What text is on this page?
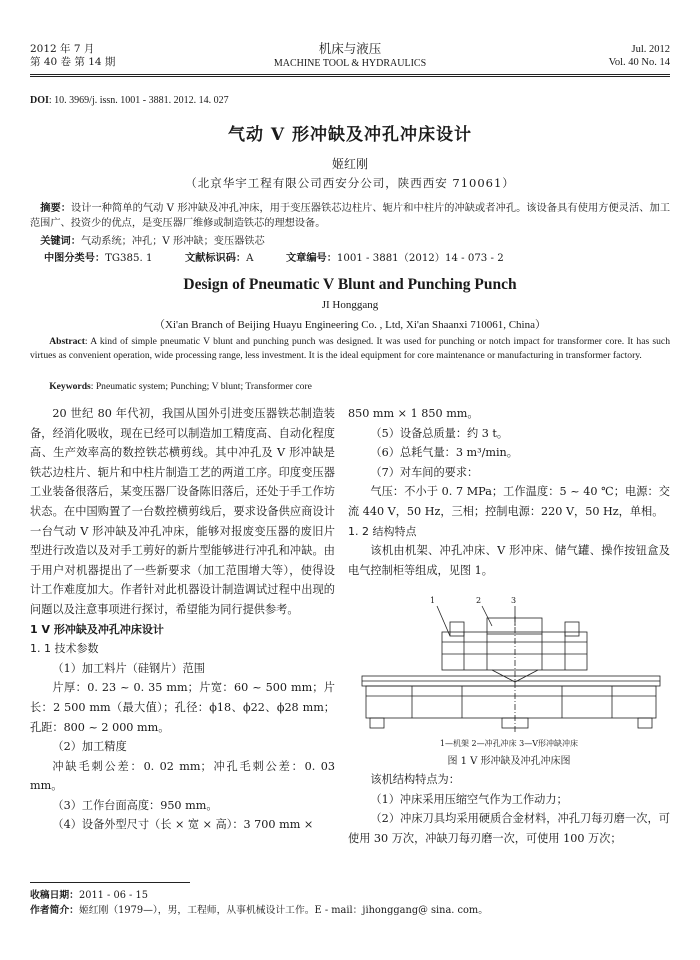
2012 年 7 月
第 40 卷 第 14 期
机床与液压
MACHINE TOOL & HYDRAULICS
Jul. 2012
Vol. 40 No. 14
DOI: 10. 3969/j. issn. 1001 - 3881. 2012. 14. 027
气动 V 形冲缺及冲孔冲床设计
姬红刚
（北京华宇工程有限公司西安分公司，陕西西安 710061）
摘要：设计一种简单的气动 V 形冲缺及冲孔冲床，用于变压器铁芯边柱片、轭片和中柱片的冲缺或者冲孔。该设备具有使用方便灵活、加工范围广、投资少的优点，是变压器厂维修或制造铁芯的理想设备。
关键词：气动系统；冲孔；V 形冲缺；变压器铁芯
中图分类号：TG385. 1	文献标识码：A	文章编号：1001 - 3881（2012）14 - 073 - 2
Design of Pneumatic V Blunt and Punching Punch
JI Honggang
（Xi'an Branch of Beijing Huayu Engineering Co. , Ltd, Xi'an Shaanxi 710061, China）
Abstract: A kind of simple pneumatic V blunt and punching punch was designed. It was used for punching or notch impact for transformer core. It has such virtues as convenient operation, wide processing range, less investment. It is the ideal equipment for core maintenance or manufacturing in transformer factory.
Keywords: Pneumatic system; Punching; V blunt; Transformer core

20 世纪 80 年代初，我国从国外引进变压器铁芯制造装备，经消化吸收，现在已经可以制造加工精度高、自动化程度高、生产效率高的数控铁芯横剪线。其中冲孔及 V 形冲缺是铁芯边柱片、轭片和中柱片制造工艺的两道工序。印度变压器工业装备很落后，某变压器厂设备陈旧落后，还处于手工作坊状态。在中国购置了一台数控横剪线后，要求设备供应商设计一台气动 V 形冲缺及冲孔冲床，能够对报废变压器的废旧片型进行改造以及对手工剪好的新片型能够进行冲孔和冲缺。由于用户对机器提出了一些新要求（加工范围增大等），使得设计工作难度加大。作者针对此机器设计制造调试过程中出现的问题以及注意事项进行探讨，希望能为同行提供参考。

1 V 形冲缺及冲孔冲床设计

1. 1 技术参数

（1）加工料片（硅钢片）范围

片厚：0. 23 ~ 0. 35 mm；片宽：60 ~ 500 mm；片长：2 500 mm（最大值）；孔径：ϕ18、ϕ22、ϕ28 mm；孔距：800 ~ 2 000 mm。

（2）加工精度

冲缺毛刺公差：0. 02 mm；冲孔毛刺公差：0. 03 mm。

（3）工作台面高度：950 mm。

（4）设备外型尺寸（长 × 宽 × 高）：3 700 mm ×

850 mm × 1 850 mm。

（5）设备总质量：约 3 t。

（6）总耗气量：3 m³/min。

（7）对车间的要求：

气压：不小于 0. 7 MPa；工作温度：5 ~ 40 ℃；电源：交流 440 V，50 Hz，三相；控制电源：220 V，50 Hz，单相。

1. 2 结构特点

该机由机架、冲孔冲床、V 形冲床、储气罐、操作按钮盒及电气控制柜等组成，见图 1。

1	2	3
1—机架 2—冲孔冲床 3—V形冲缺冲床
图 1 V 形冲缺及冲孔冲床图

该机结构特点为：

（1）冲床采用压缩空气作为工作动力；

（2）冲床刀具均采用硬质合金材料，冲孔刀每刃磨一次，可使用 30 万次，冲缺刀每刃磨一次，可使用 100 万次；

收稿日期：2011 - 06 - 15
作者简介：姬红刚（1979—），男，工程师，从事机械设计工作。E - mail：jihonggang@ sina. com。
